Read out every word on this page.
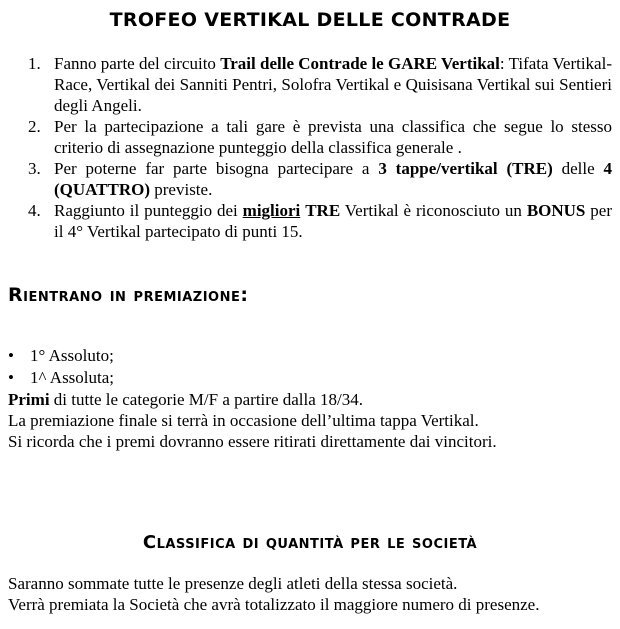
TROFEO VERTIKAL DELLE CONTRADE
1. Fanno parte del circuito Trail delle Contrade le GARE Vertikal: Tifata Vertikal-Race, Vertikal dei Sanniti Pentri, Solofra Vertikal e Quisisana Vertikal sui Sentieri degli Angeli.
2. Per la partecipazione a tali gare è prevista una classifica che segue lo stesso criterio di assegnazione punteggio della classifica generale .
3. Per poterne far parte bisogna partecipare a 3 tappe/vertikal (TRE) delle 4 (QUATTRO) previste.
4. Raggiunto il punteggio dei migliori TRE Vertikal è riconosciuto un BONUS per il 4° Vertikal partecipato di punti 15.
Rientrano in premiazione:
• 1° Assoluto;
• 1^ Assoluta;
Primi di tutte le categorie M/F a partire dalla 18/34.
La premiazione finale si terrà in occasione dell’ultima tappa Vertikal.
Si ricorda che i premi dovranno essere ritirati direttamente dai vincitori.
Classifica di quantità per le società
Saranno sommate tutte le presenze degli atleti della stessa società.
Verrà premiata la Società che avrà totalizzato il maggiore numero di presenze.
